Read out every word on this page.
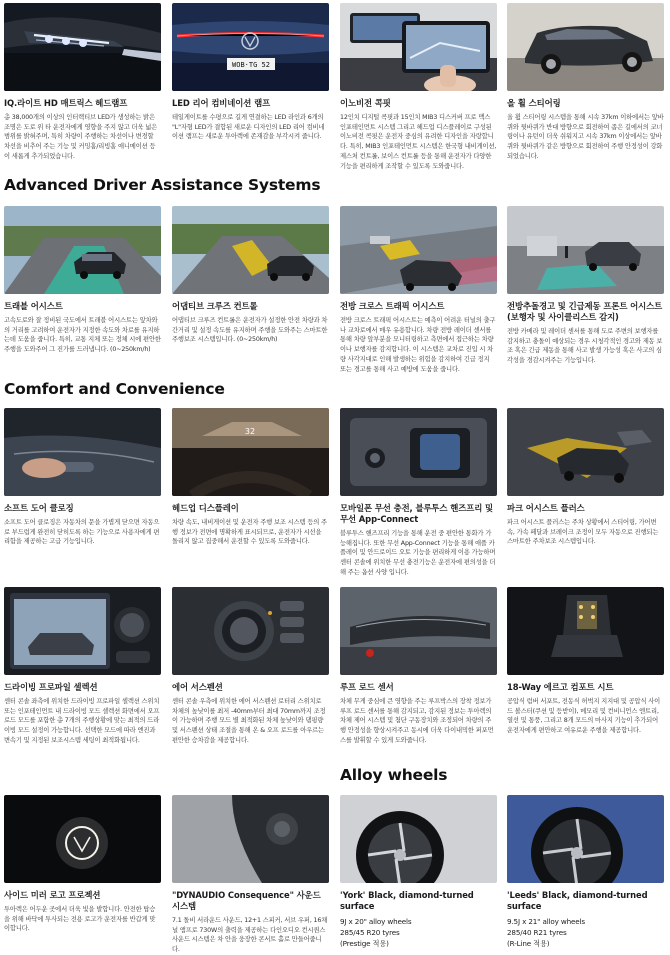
IQ.라이트 HD 매트릭스 헤드램프
총 38,000개의 이상의 인터랙티브 LED가 생성하는 밝은 조명은 도로 위 타 운전자에게 영향을 주지 않고 더욱 넓은 범위를 밝혀주며, 특히 차량이 주행하는 차선이나 변경할 차선을 비추어 주는 기능 및 커밍홈/리빙홈 애니메이션 등이 새롭게 추가되었습니다.
WOB·TG 52
LED 리어 컴비네이션 램프
테일게이트를 수평으로 길게 연결하는 LED 라인과 6개의 "L"자형 LED가 결합된 새로운 디자인의 LED 리어 컴비네이션 램프는 새로운 투아렉에 존재감을 부각시켜 줍니다.
이노비전 콕핏
12인치 디지털 콕핏과 15인치 MIB3 디스커버 프로 맥스 인포테인먼트 시스템 그리고 헤드업 디스플레이로 구성된 이노비전 콕핏은 운전자 중심의 유려한 디자인을 자랑합니다. 특히, MIB3 인포테인먼트 시스템은 한국형 내비게이션, 제스처 컨트롤, 보이스 컨트롤 등을 통해 운전자가 다양한 기능을 편리하게 조작할 수 있도록 도와줍니다.
올 휠 스티어링
올 휠 스티어링 시스템을 통해 시속 37km 이하에서는 앞바퀴와 뒷바퀴가 반대 방향으로 회전하여 좁은 길에서의 코너링이나 유턴이 더욱 쉬워지고 시속 37km 이상에서는 앞바퀴와 뒷바퀴가 같은 방향으로 회전하여 주행 안정성이 강화 되었습니다.
Advanced Driver Assistance Systems
트래블 어시스트
고속도로와 잘 정비된 국도에서 트래블 어시스트는 앞차와의 거리를 고려하여 운전자가 지정한 속도와 차로를 유지하는데 도움을 줍니다. 특히, 교통 지체 또는 정체 시에 편안한 주행을 도와주어 그 진가를 드러냅니다. (0~250km/h)
어댑티브 크루즈 컨트롤
어댑티브 크루즈 컨트롤은 운전자가 설정한 안전 차량과 차간거리 및 설정 속도를 유지하며 주행을 도와주는 스마트한 주행보조 시스템입니다. (0~250km/h)
전방 크로스 트래픽 어시스트
전방 크로스 트래픽 어시스트는 예측이 어려운 터널의 출구나 교차로에서 매우 유용합니다. 차량 전방 레이더 센서를 통해 차량 앞부분을 모니터링하고 측면에서 접근하는 차량이나 보행자를 감지합니다. 이 시스템은 교차로 진입 시 차량 사각지대로 인해 발생하는 위험을 감지하여 긴급 정지 또는 경고를 통해 사고 예방에 도움을 줍니다.
전방추돌경고 및 긴급제동 프론트 어시스트
(보행자 및 사이클리스트 감지)
전방 카메라 및 레이더 센서를 통해 도로 주변의 보행자를 감지하고 충돌이 예상되는 경우 시청각적인 경고와 제동 보조 혹은 긴급 제동을 통해 사고 발생 가능성 혹은 사고의 심각성을 경감시켜주는 기능입니다.
Comfort and Convenience
소프트 도어 클로징
소프트 도어 클로징은 자동차의 문을 가볍게 닫으면 자동으로 부드럽게 완전히 닫히도록 하는 기능으로 사용자에게 편리함을 제공하는 고급 기능입니다.
32
헤드업 디스플레이
차량 속도, 내비게이션 및 운전자 주행 보조 시스템 등의 주행 정보가 전면에 명확하게 표시되므로, 운전자가 시선을 돌리지 않고 집중해서 운전할 수 있도록 도와줍니다.
모바일폰 무선 충전, 블루투스 핸즈프리 및
무선 App-Connect
블루투스 핸즈프리 기능을 통해 운전 중 편안한 통화가 가능해집니다. 또한 무선 App-Connect 기능을 통해 애플 카플레이 및 안드로이드 오토 기능을 편리하게 이용 가능하며 센터 콘솔에 위치한 무선 충전기능은 운전자에 편의성을 더해 주는 옵션 사양 입니다.
파크 어시스트 플러스
파크 어시스트 플러스는 주차 상황에서 스티어링, 가어변속, 가속 페달과 브레이크 조정이 모두 자동으로 진행되는 스마트한 주차보조 시스템입니다.
드라이빙 프로파일 셀렉션
센터 콘솔 좌측에 위치한 드라이빙 프로파일 셀렉션 스위치 또는 인포테인먼트 내 드라이빙 모드 셀렉션 화면에서 오프로드 모드를 포함한 총 7개의 주행상황에 맞는 최적의 드라이빙 모드 설정이 가능합니다. 선택한 모드에 따라 엔진과 변속기 및 지정된 보조시스템 세팅이 최적화됩니다.
에어 서스펜션
센터 콘솔 우측에 위치한 에어 서스펜션 로터리 스위치로 차체의 높낮이를 최저 -40mm부터 최대 70mm까지 조정이 가능하며 주행 모드 별 최적화된 차체 높낮이와 댐핑량 및 서스펜션 상태 조절을 통해 온 & 오프 로드를 아우르는 편안한 승차감을 제공합니다.
루프 로드 센서
차체 무게 중심에 큰 영향을 주는 루프박스의 장착 정보가 루프 로드 센서를 통해 감지되고, 감지된 정보는 투아렉의 차체 제어 시스템 및 첨단 구동장치와 조정되어 차량의 주행 안정성을 향상시켜주고 동시에 더욱 다이내믹한 퍼포먼스를 발휘할 수 있게 도와줍니다.
18-Way 에르고 컴포트 시트
공압식 럼버 서포트, 전동식 허벅지 지지대 및 공압식 사이드 볼스터(쿠션 및 등받이), 메모리 및 컨비니언스 엔트리, 열선 및 통풍, 그리고 8개 모드의 마사지 기능이 추가되어 운전자에게 편안하고 여유로운 주행을 제공합니다.
Alloy wheels
사이드 미러 로고 프로젝션
투아렉은 어두운 곳에서 더욱 빛을 발합니다. 안전한 탑승을 위해 바닥에 투사되는 전용 로고가 운전자를 반갑게 맞이합니다.
"DYNAUDIO Consequence" 사운드 시스템
7.1 돌비 서라운드 사운드, 12+1 스피커, 서브 우퍼, 16채널 앰프로 730W의 출력을 제공하는 다인오디오 컨시퀀스 사운드 시스템은 차 안을 웅장한 콘서트 홀로 만들어줍니다.
'York' Black, diamond-turned surface
9J x 20" alloy wheels
285/45 R20 tyres
(Prestige 적용)
'Leeds' Black, diamond-turned surface
9.5J x 21" alloy wheels
285/40 R21 tyres
(R-Line 적용)
